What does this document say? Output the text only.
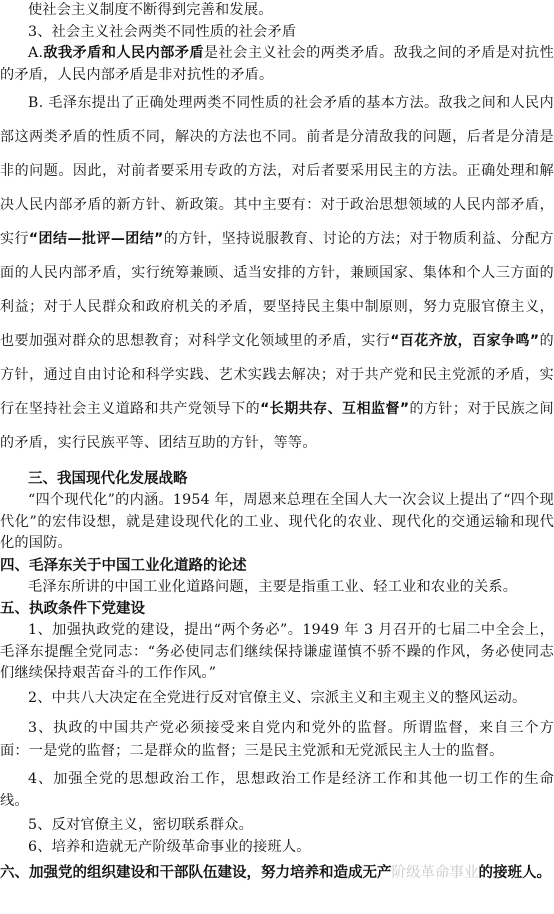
使社会主义制度不断得到完善和发展。

3、社会主义社会两类不同性质的社会矛盾

A.敌我矛盾和人民内部矛盾是社会主义社会的两类矛盾。敌我之间的矛盾是对抗性的矛盾，人民内部矛盾是非对抗性的矛盾。

B. 毛泽东提出了正确处理两类不同性质的社会矛盾的基本方法。敌我之间和人民内部这两类矛盾的性质不同，解决的方法也不同。前者是分清敌我的问题，后者是分清是非的问题。因此，对前者要采用专政的方法，对后者要采用民主的方法。正确处理和解决人民内部矛盾的新方针、新政策。其中主要有：对于政治思想领域的人民内部矛盾，实行“团结—批评—团结”的方针，坚持说服教育、讨论的方法；对于物质利益、分配方面的人民内部矛盾，实行统筹兼顾、适当安排的方针，兼顾国家、集体和个人三方面的利益；对于人民群众和政府机关的矛盾，要坚持民主集中制原则，努力克服官僚主义，也要加强对群众的思想教育；对科学文化领域里的矛盾，实行“百花齐放，百家争鸣”的方针，通过自由讨论和科学实践、艺术实践去解决；对于共产党和民主党派的矛盾，实行在坚持社会主义道路和共产党领导下的“长期共存、互相监督”的方针；对于民族之间的矛盾，实行民族平等、团结互助的方针，等等。

三、我国现代化发展战略

“四个现代化”的内涵。1954 年，周恩来总理在全国人大一次会议上提出了“四个现代化”的宏伟设想，就是建设现代化的工业、现代化的农业、现代化的交通运输和现代化的国防。

四、毛泽东关于中国工业化道路的论述

毛泽东所讲的中国工业化道路问题，主要是指重工业、轻工业和农业的关系。

五、执政条件下党建设

1、加强执政党的建设，提出“两个务必”。1949 年 3 月召开的七届二中全会上，毛泽东提醒全党同志：“务必使同志们继续保持谦虚谨慎不骄不躁的作风，务必使同志们继续保持艰苦奋斗的工作作风。”

2、中共八大决定在全党进行反对官僚主义、宗派主义和主观主义的整风运动。

3、执政的中国共产党必须接受来自党内和党外的监督。所谓监督，来自三个方面：一是党的监督；二是群众的监督；三是民主党派和无党派民主人士的监督。

4、加强全党的思想政治工作，思想政治工作是经济工作和其他一切工作的生命线。

5、反对官僚主义，密切联系群众。

6、培养和造就无产阶级革命事业的接班人。

六、加强党的组织建设和干部队伍建设，努力培养和造成无产阶级革命事业的接班人。
